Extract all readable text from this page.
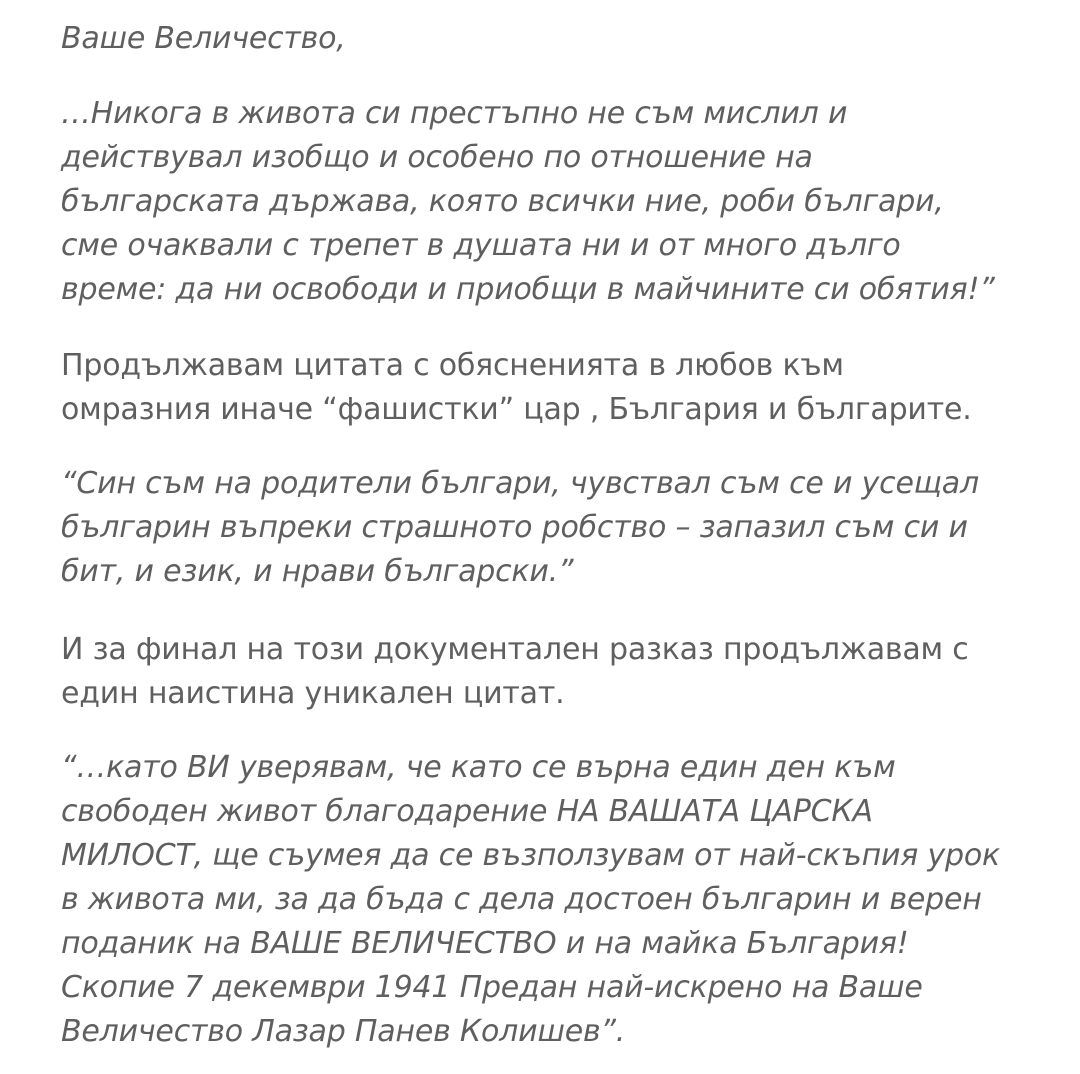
Ваше Величество,

…Никога в живота си престъпно не съм мислил и
действувал изобщо и особено по отношение на
българската държава, която всички ние, роби българи,
сме очаквали с трепет в душата ни и от много дълго
време: да ни освободи и приобщи в майчините си обятия!”

Продължавам цитата с обясненията в любов към
омразния иначе “фашистки” цар , България и българите.

“Син съм на родители българи, чувствал съм се и усещал
българин въпреки страшното робство – запазил съм си и
бит, и език, и нрави български.”

И за финал на този документален разказ продължавам с
един наистина уникален цитат.

“…като ВИ уверявам, че като се върна един ден към
свободен живот благодарение НА ВАШАТА ЦАРСКА
МИЛОСТ, ще съумея да се възползувам от най-скъпия урок
в живота ми, за да бъда с дела достоен българин и верен
поданик на ВАШЕ ВЕЛИЧЕСТВО и на майка България!
Скопие 7 декември 1941 Предан най-искрено на Ваше
Величество Лазар Панев Колишев”.
